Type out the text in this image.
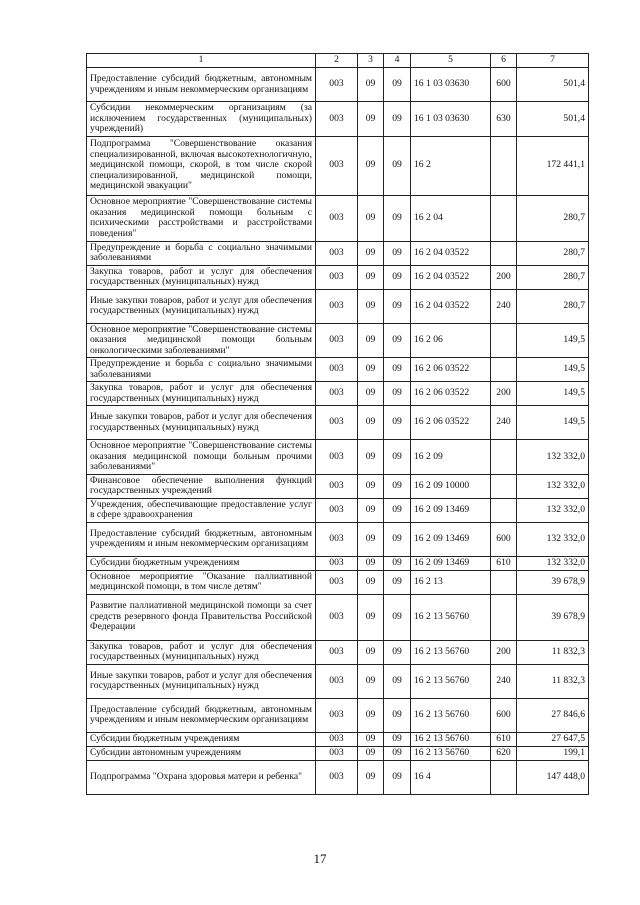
1	2	3	4	5	6	7
Предоставление субсидий бюджетным, автономным учреждениям и иным некоммерческим организациям	003	09	09	16 1 03 03630	600	501,4
Субсидии некоммерческим организациям (за исключением государственных (муниципальных) учреждений)	003	09	09	16 1 03 03630	630	501,4
Подпрограмма "Совершенствование оказания специализированной, включая высокотехнологичную, медицинской помощи, скорой, в том числе скорой специализированной, медицинской помощи, медицинской эвакуации"	003	09	09	16 2		172 441,1
Основное мероприятие "Совершенствование системы оказания медицинской помощи больным с психическими расстройствами и расстройствами поведения"	003	09	09	16 2 04		280,7
Предупреждение и борьба с социально значимыми заболеваниями	003	09	09	16 2 04 03522		280,7
Закупка товаров, работ и услуг для обеспечения государственных (муниципальных) нужд	003	09	09	16 2 04 03522	200	280,7
Иные закупки товаров, работ и услуг для обеспечения государственных (муниципальных) нужд	003	09	09	16 2 04 03522	240	280,7
Основное мероприятие "Совершенствование системы оказания медицинской помощи больным онкологическими заболеваниями"	003	09	09	16 2 06		149,5
Предупреждение и борьба с социально значимыми заболеваниями	003	09	09	16 2 06 03522		149,5
Закупка товаров, работ и услуг для обеспечения государственных (муниципальных) нужд	003	09	09	16 2 06 03522	200	149,5
Иные закупки товаров, работ и услуг для обеспечения государственных (муниципальных) нужд	003	09	09	16 2 06 03522	240	149,5
Основное мероприятие "Совершенствование системы оказания медицинской помощи больным прочими заболеваниями"	003	09	09	16 2 09		132 332,0
Финансовое обеспечение выполнения функций государственных учреждений	003	09	09	16 2 09 10000		132 332,0
Учреждения, обеспечивающие предоставление услуг в сфере здравоохранения	003	09	09	16 2 09 13469		132 332,0
Предоставление субсидий бюджетным, автономным учреждениям и иным некоммерческим организациям	003	09	09	16 2 09 13469	600	132 332,0
Субсидии бюджетным учреждениям	003	09	09	16 2 09 13469	610	132 332,0
Основное мероприятие "Оказание паллиативной медицинской помощи, в том числе детям"	003	09	09	16 2 13		39 678,9
Развитие паллиативной медицинской помощи за счет средств резервного фонда Правительства Российской Федерации	003	09	09	16 2 13 56760		39 678,9
Закупка товаров, работ и услуг для обеспечения государственных (муниципальных) нужд	003	09	09	16 2 13 56760	200	11 832,3
Иные закупки товаров, работ и услуг для обеспечения государственных (муниципальных) нужд	003	09	09	16 2 13 56760	240	11 832,3
Предоставление субсидий бюджетным, автономным учреждениям и иным некоммерческим организациям	003	09	09	16 2 13 56760	600	27 846,6
Субсидии бюджетным учреждениям	003	09	09	16 2 13 56760	610	27 647,5
Субсидии автономным учреждениям	003	09	09	16 2 13 56760	620	199,1
Подпрограмма "Охрана здоровья матери и ребенка"	003	09	09	16 4		147 448,0
17
